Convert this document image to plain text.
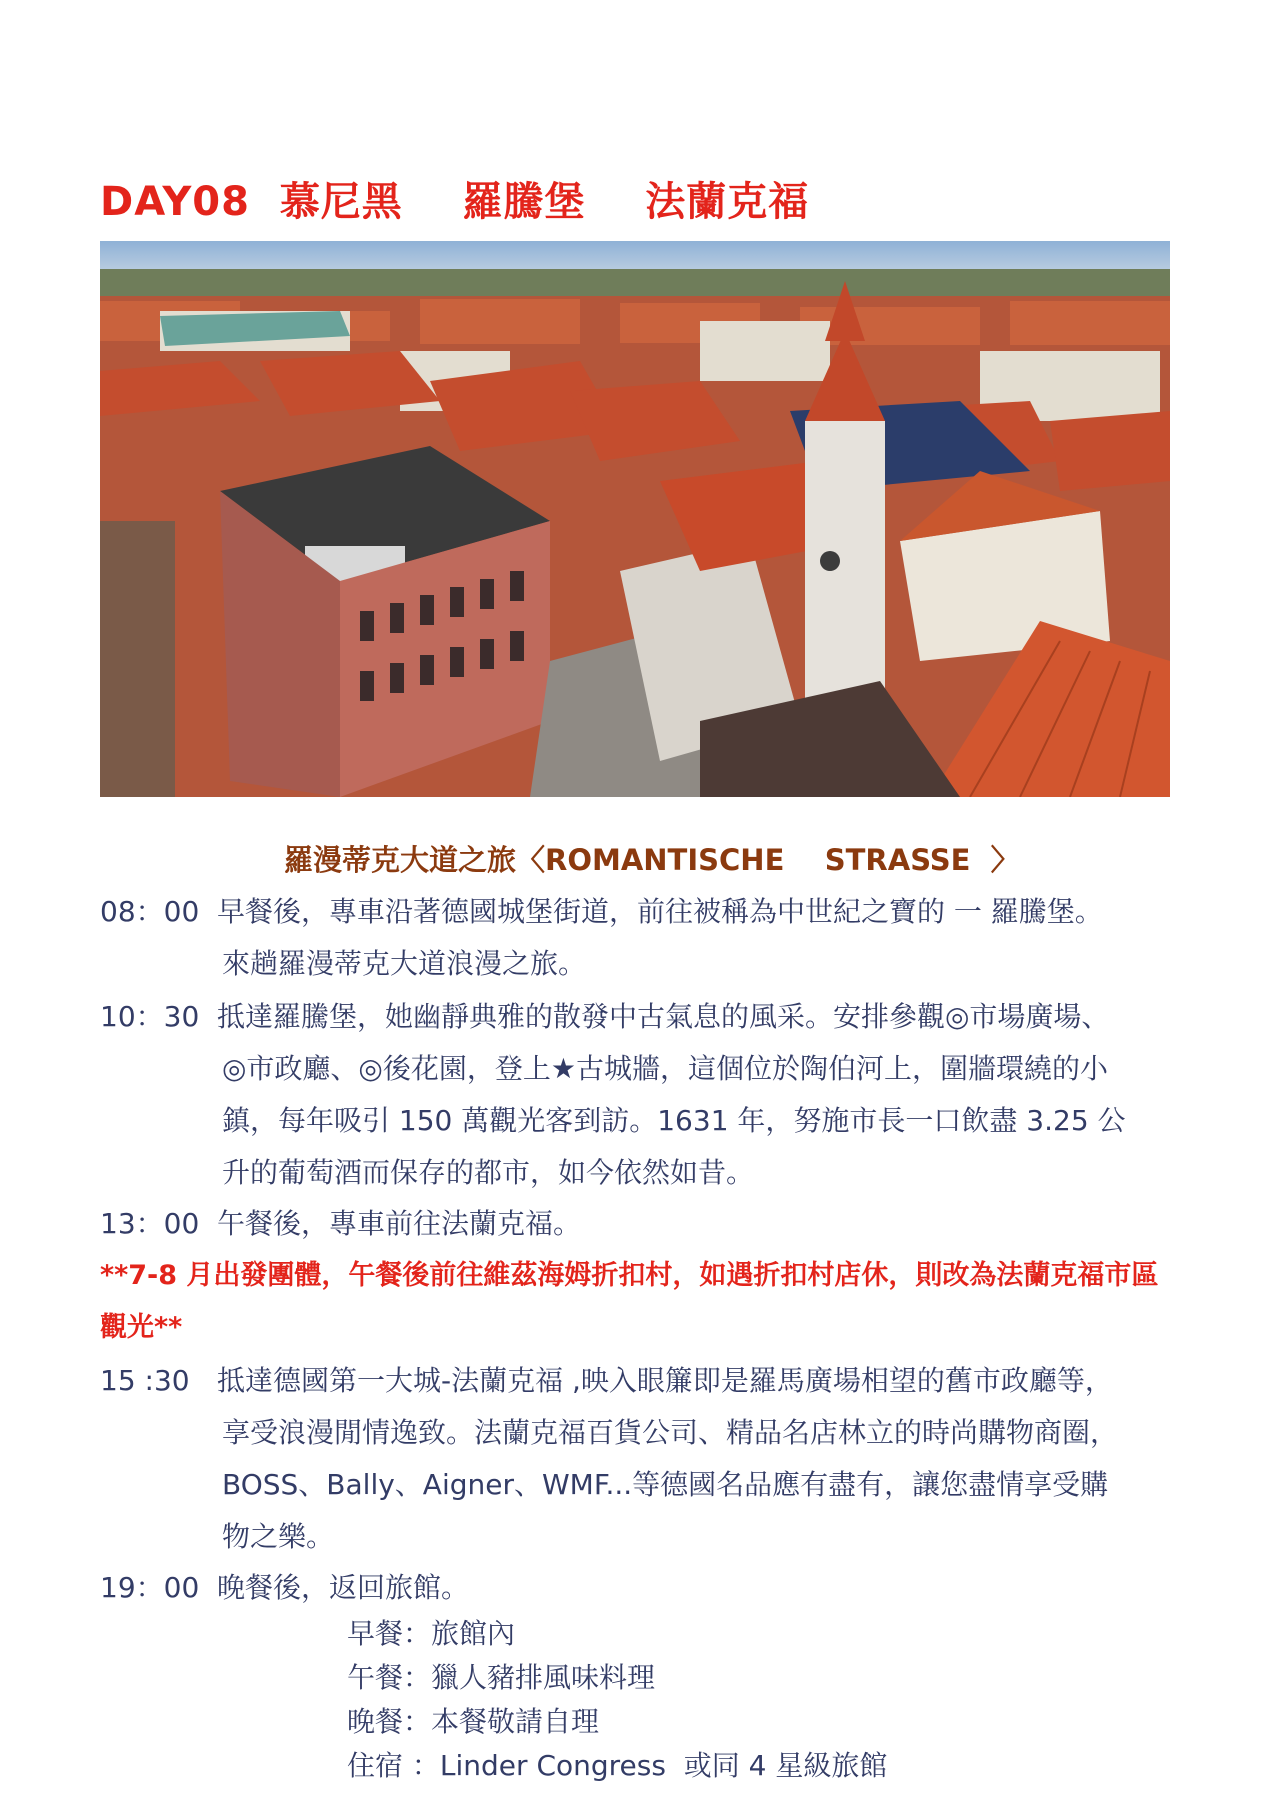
DAY08  慕尼黑    羅騰堡    法蘭克福
羅漫蒂克大道之旅〈ROMANTISCHE    STRASSE  〉
08：00 早餐後，專車沿著德國城堡街道，前往被稱為中世紀之寶的 一 羅騰堡。
來趟羅漫蒂克大道浪漫之旅。
10：30 抵達羅騰堡，她幽靜典雅的散發中古氣息的風采。安排參觀◎市場廣場、
◎市政廳、◎後花園，登上★古城牆，這個位於陶伯河上，圍牆環繞的小
鎮，每年吸引 150 萬觀光客到訪。1631 年，努施市長一口飲盡 3.25 公
升的葡萄酒而保存的都市，如今依然如昔。
13：00 午餐後，專車前往法蘭克福。

**7-8 月出發團體，午餐後前往維茲海姆折扣村，如遇折扣村店休，則改為法蘭克福市區觀光**

15 :30 抵達德國第一大城-法蘭克福 ,映入眼簾即是羅馬廣場相望的舊市政廳等，
享受浪漫閒情逸致。法蘭克福百貨公司、精品名店林立的時尚購物商圈，
BOSS、Bally、Aigner、WMF...等德國名品應有盡有，讓您盡情享受購
物之樂。
19：00 晚餐後，返回旅館。
早餐：旅館內
午餐：獵人豬排風味料理
晚餐：本餐敬請自理
住宿 ：Linder Congress  或同 4 星級旅館
